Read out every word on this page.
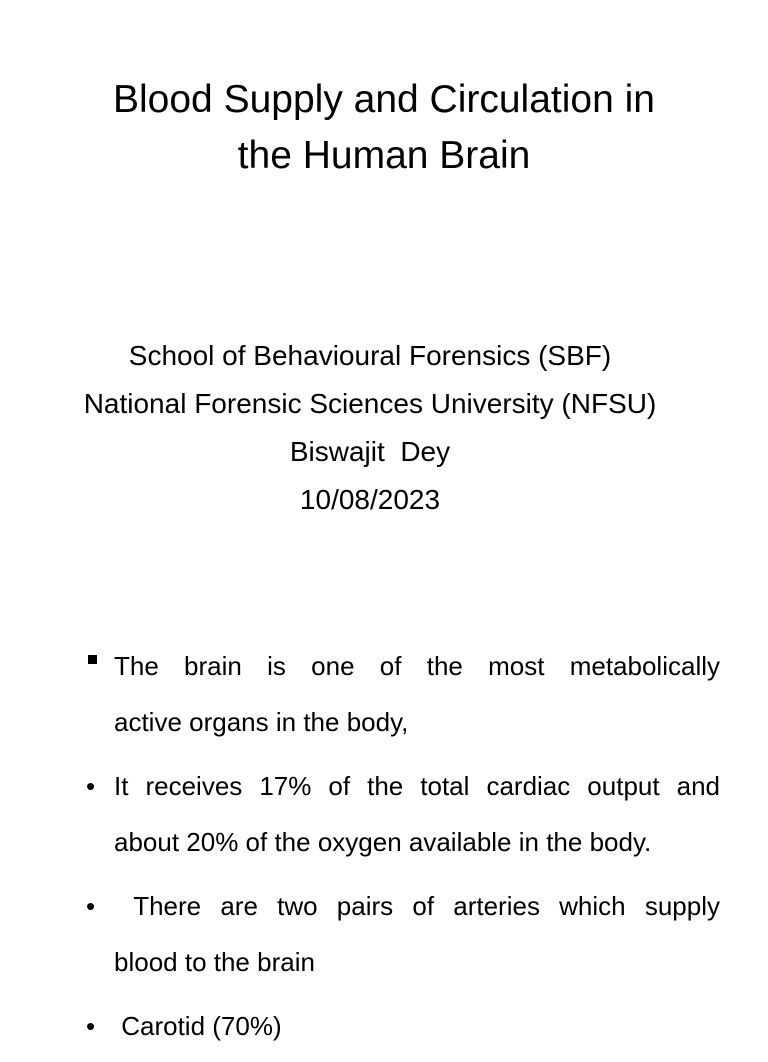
Blood Supply and Circulation in
the Human Brain
School of Behavioural Forensics (SBF)
National Forensic Sciences University (NFSU)
Biswajit  Dey
10/08/2023
The brain is one of the most metabolically
active organs in the body,
• It receives 17% of the total cardiac output and
about 20% of the oxygen available in the body.
• There are two pairs of arteries which supply
blood to the brain
• Carotid (70%)
